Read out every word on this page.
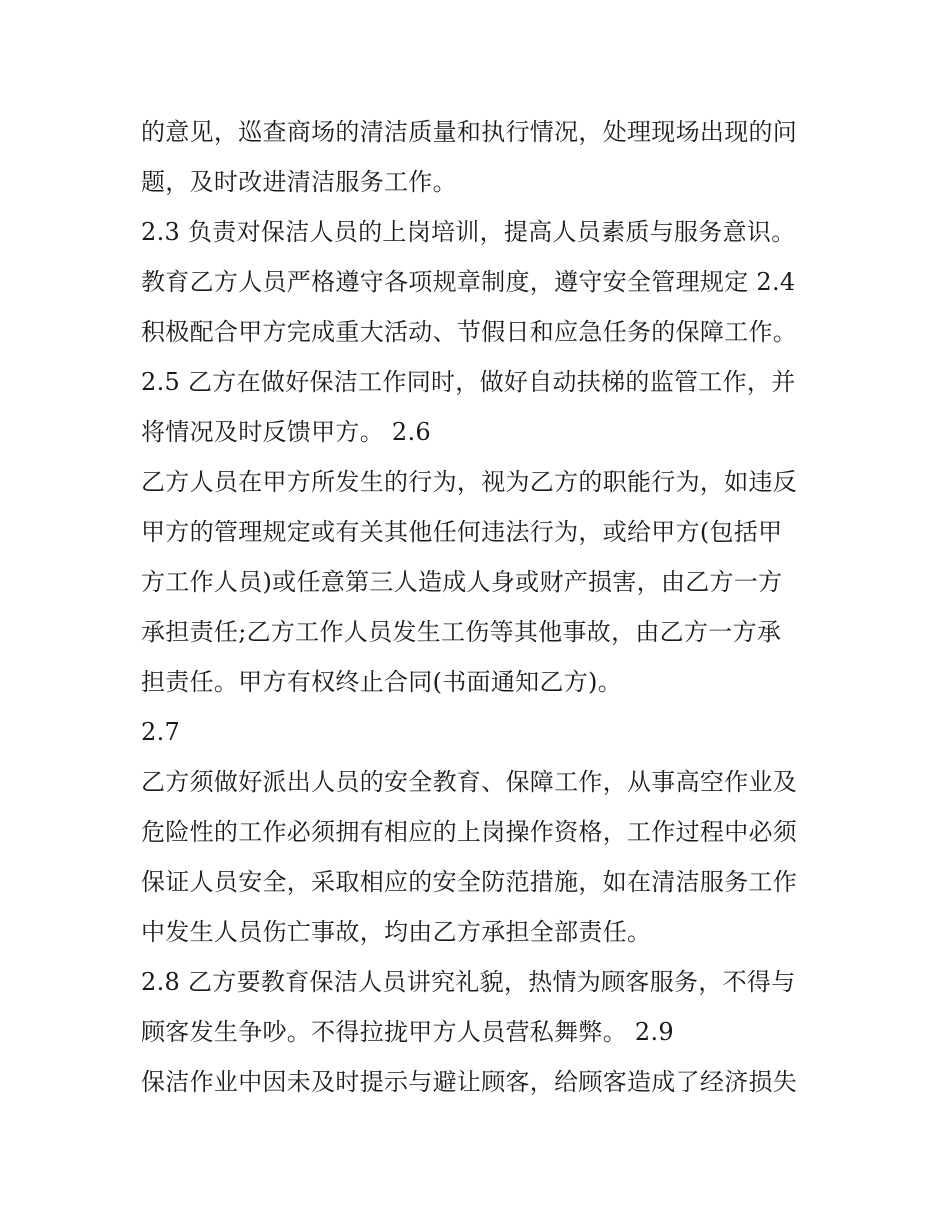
的意见，巡查商场的清洁质量和执行情况，处理现场出现的问
题，及时改进清洁服务工作。
2.3 负责对保洁人员的上岗培训，提高人员素质与服务意识。
教育乙方人员严格遵守各项规章制度，遵守安全管理规定 2.4
积极配合甲方完成重大活动、节假日和应急任务的保障工作。
2.5 乙方在做好保洁工作同时，做好自动扶梯的监管工作，并
将情况及时反馈甲方。 2.6
乙方人员在甲方所发生的行为，视为乙方的职能行为，如违反
甲方的管理规定或有关其他任何违法行为，或给甲方(包括甲
方工作人员)或任意第三人造成人身或财产损害，由乙方一方
承担责任;乙方工作人员发生工伤等其他事故，由乙方一方承
担责任。甲方有权终止合同(书面通知乙方)。
2.7
乙方须做好派出人员的安全教育、保障工作，从事高空作业及
危险性的工作必须拥有相应的上岗操作资格，工作过程中必须
保证人员安全，采取相应的安全防范措施，如在清洁服务工作
中发生人员伤亡事故，均由乙方承担全部责任。
2.8 乙方要教育保洁人员讲究礼貌，热情为顾客服务，不得与
顾客发生争吵。不得拉拢甲方人员营私舞弊。 2.9
保洁作业中因未及时提示与避让顾客，给顾客造成了经济损失
